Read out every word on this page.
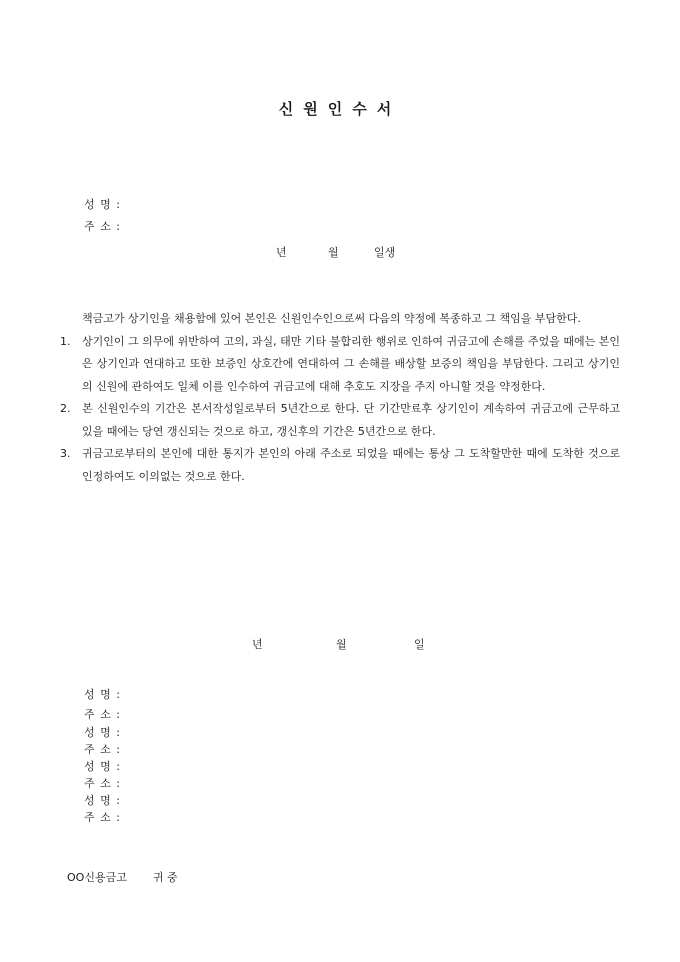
신원인수서
성 명 :
주 소 :
년	월	일생

책금고가 상기인을 채용함에 있어 본인은 신원인수인으로써 다음의 약정에 복종하고 그 책임을 부담한다.

1. 상기인이 그 의무에 위반하여 고의, 과실, 태만 기타 불합리한 행위로 인하여 귀금고에 손해를 주었을 때에는 본인은 상기인과 연대하고 또한 보증인 상호간에 연대하여 그 손해를 배상할 보증의 책임을 부담한다. 그리고 상기인의 신원에 관하여도 일체 이를 인수하여 귀금고에 대해 추호도 지장을 주지 아니할 것을 약정한다.

2. 본 신원인수의 기간은 본서작성일로부터 5년간으로 한다. 단 기간만료후 상기인이 계속하여 귀금고에 근무하고 있을 때에는 당연 갱신되는 것으로 하고, 갱신후의 기간은 5년간으로 한다.

3. 귀금고로부터의 본인에 대한 통지가 본인의 아래 주소로 되었을 때에는 통상 그 도착할만한 때에 도착한 것으로 인정하여도 이의없는 것으로 한다.

년	월	일
성 명 :
주 소 :
성 명 :
주 소 :
성 명 :
주 소 :
성 명 :
주 소 :

OO신용금고 귀 중
